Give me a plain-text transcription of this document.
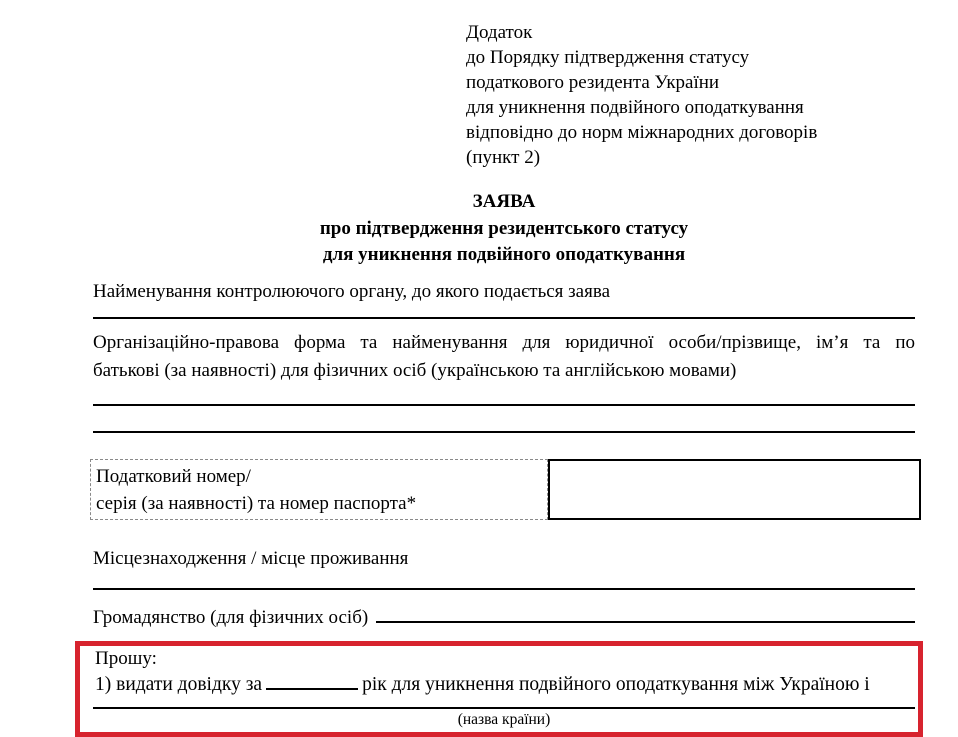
Додаток
до Порядку підтвердження статусу
податкового резидента України
для уникнення подвійного оподаткування
відповідно до норм міжнародних договорів
(пункт 2)
ЗАЯВА
про підтвердження резидентського статусу
для уникнення подвійного оподаткування
Найменування контролюючого органу, до якого подається заява
Організаційно-правова форма та найменування для юридичної особи/прізвище, ім’я та по
батькові (за наявності) для фізичних осіб (українською та англійською мовами)
Податковий номер/
серія (за наявності) та номер паспорта*
Місцезнаходження / місце проживання
Громадянство (для фізичних осіб)
Прошу:
1) видати довідку за	рік для уникнення подвійного оподаткування між Україною і
(назва країни)
